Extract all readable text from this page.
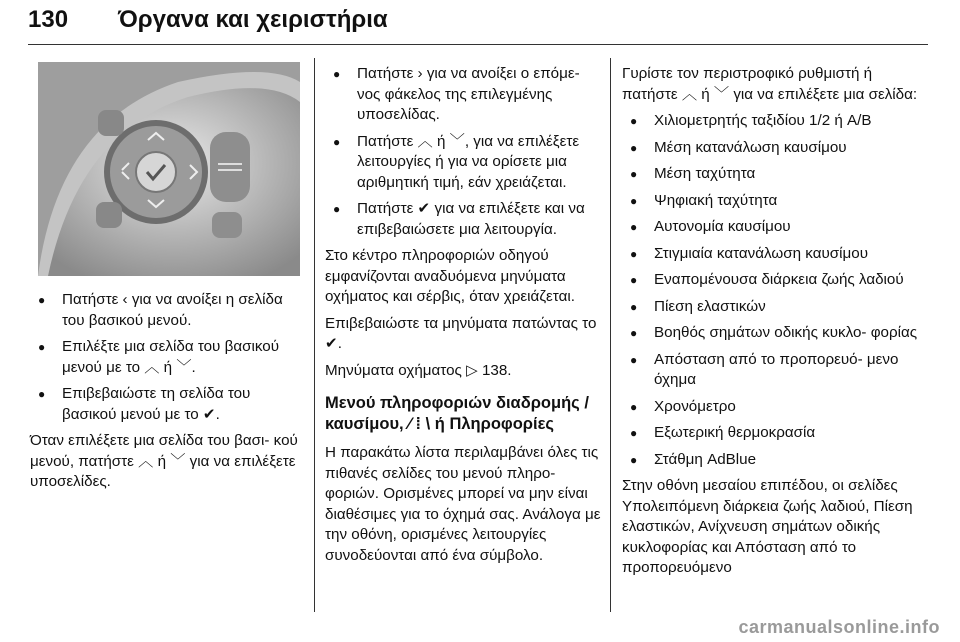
130 Όργανα και χειριστήρια
● Πατήστε ‹ για να ανοίξει η σελίδα του βασικού μενού.
● Επιλέξτε μια σελίδα του βασικού μενού με το ︿ ή ﹀.
● Επιβεβαιώστε τη σελίδα του βασικού μενού με το ✔.

Όταν επιλέξετε μια σελίδα του βασι- κού μενού, πατήστε ︿ ή ﹀ για να επιλέξετε υποσελίδες.

● Πατήστε › για να ανοίξει ο επόμε- νος φάκελος της επιλεγμένης υποσελίδας.
● Πατήστε ︿ ή ﹀, για να επιλέξετε λειτουργίες ή για να ορίσετε μια αριθμητική τιμή, εάν χρειάζεται.
● Πατήστε ✔ για να επιλέξετε και να επιβεβαιώσετε μια λειτουργία.

Στο κέντρο πληροφοριών οδηγού εμφανίζονται αναδυόμενα μηνύματα οχήματος και σέρβις, όταν χρειάζεται.

Επιβεβαιώστε τα μηνύματα πατώντας το ✔.

Μηνύματα οχήματος ▷ 138.

Μενού πληροφοριών διαδρομής / καυσίμου, ⁄ ⁞ \ ή Πληροφορίες

Η παρακάτω λίστα περιλαμβάνει όλες τις πιθανές σελίδες του μενού πληρο- φοριών. Ορισμένες μπορεί να μην είναι διαθέσιμες για το όχημά σας. Ανάλογα με την οθόνη, ορισμένες λειτουργίες συνοδεύονται από ένα σύμβολο.

Γυρίστε τον περιστροφικό ρυθμιστή ή πατήστε ︿ ή ﹀ για να επιλέξετε μια σελίδα:

● Χιλιομετρητής ταξιδίου 1/2 ή A/B
● Μέση κατανάλωση καυσίμου
● Μέση ταχύτητα
● Ψηφιακή ταχύτητα
● Αυτονομία καυσίμου
● Στιγμιαία κατανάλωση καυσίμου
● Εναπομένουσα διάρκεια ζωής λαδιού
● Πίεση ελαστικών
● Βοηθός σημάτων οδικής κυκλο- φορίας
● Απόσταση από το προπορευό- μενο όχημα
● Χρονόμετρο
● Εξωτερική θερμοκρασία
● Στάθμη AdBlue

Στην οθόνη μεσαίου επιπέδου, οι σελίδες Υπολειπόμενη διάρκεια ζωής λαδιού, Πίεση ελαστικών, Ανίχνευση σημάτων οδικής κυκλοφορίας και Απόσταση από το προπορευόμενο

carmanualsonline.info
